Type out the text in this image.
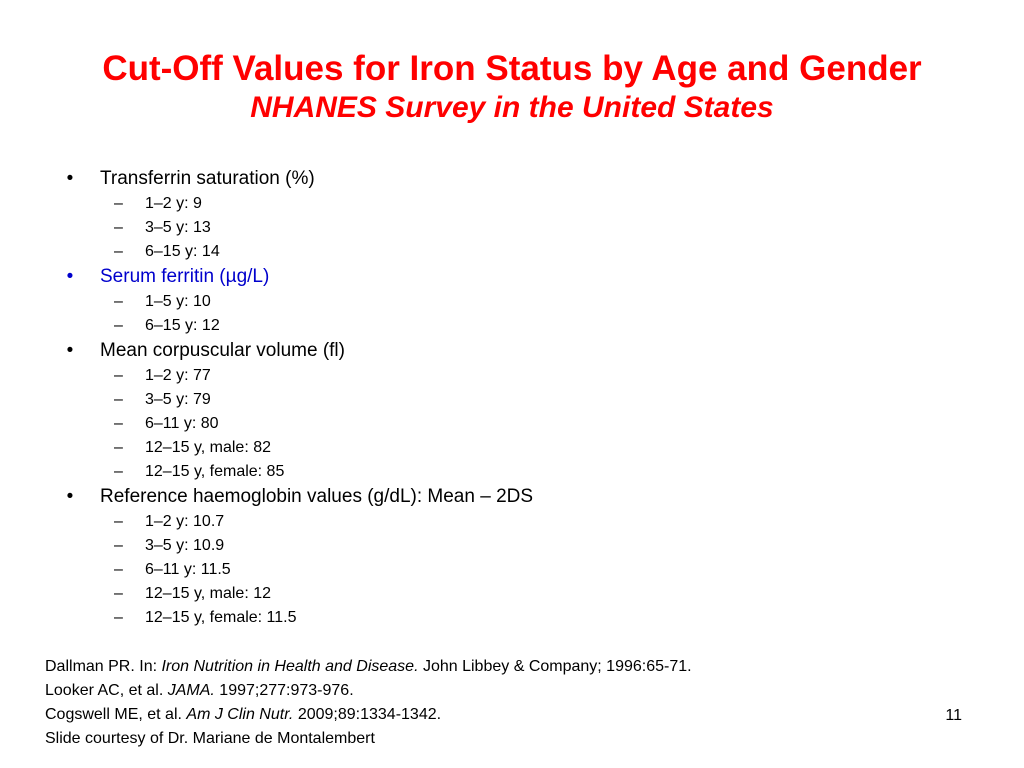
Cut-Off Values for Iron Status by Age and Gender
NHANES Survey in the United States
•	Transferrin saturation (%)
– 1–2 y: 9
– 3–5 y: 13
– 6–15 y: 14
•	Serum ferritin (µg/L)
– 1–5 y: 10
– 6–15 y: 12
•	Mean corpuscular volume (fl)
– 1–2 y: 77
– 3–5 y: 79
– 6–11 y: 80
– 12–15 y, male: 82
– 12–15 y, female: 85
•	Reference haemoglobin values (g/dL): Mean – 2DS
– 1–2 y: 10.7
– 3–5 y: 10.9
– 6–11 y: 11.5
– 12–15 y, male: 12
– 12–15 y, female: 11.5
Dallman PR. In: Iron Nutrition in Health and Disease. John Libbey & Company; 1996:65-71.
Looker AC, et al. JAMA. 1997;277:973-976.
Cogswell ME, et al. Am J Clin Nutr. 2009;89:1334-1342.
Slide courtesy of Dr. Mariane de Montalembert
11
